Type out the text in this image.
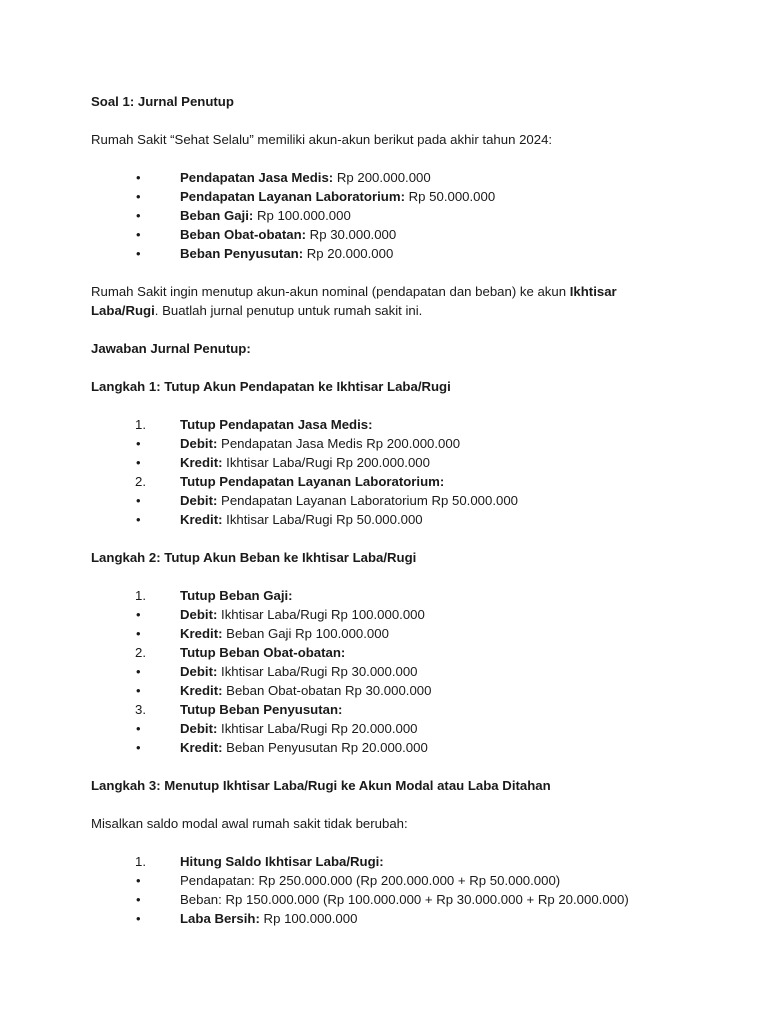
Soal 1: Jurnal Penutup
Rumah Sakit “Sehat Selalu” memiliki akun-akun berikut pada akhir tahun 2024:
•	Pendapatan Jasa Medis: Rp 200.000.000
•	Pendapatan Layanan Laboratorium: Rp 50.000.000
•	Beban Gaji: Rp 100.000.000
•	Beban Obat-obatan: Rp 30.000.000
•	Beban Penyusutan: Rp 20.000.000
Rumah Sakit ingin menutup akun-akun nominal (pendapatan dan beban) ke akun Ikhtisar
Laba/Rugi. Buatlah jurnal penutup untuk rumah sakit ini.
Jawaban Jurnal Penutup:
Langkah 1: Tutup Akun Pendapatan ke Ikhtisar Laba/Rugi
1.	Tutup Pendapatan Jasa Medis:
•	Debit: Pendapatan Jasa Medis Rp 200.000.000
•	Kredit: Ikhtisar Laba/Rugi Rp 200.000.000
2.	Tutup Pendapatan Layanan Laboratorium:
•	Debit: Pendapatan Layanan Laboratorium Rp 50.000.000
•	Kredit: Ikhtisar Laba/Rugi Rp 50.000.000
Langkah 2: Tutup Akun Beban ke Ikhtisar Laba/Rugi
1.	Tutup Beban Gaji:
•	Debit: Ikhtisar Laba/Rugi Rp 100.000.000
•	Kredit: Beban Gaji Rp 100.000.000
2.	Tutup Beban Obat-obatan:
•	Debit: Ikhtisar Laba/Rugi Rp 30.000.000
•	Kredit: Beban Obat-obatan Rp 30.000.000
3.	Tutup Beban Penyusutan:
•	Debit: Ikhtisar Laba/Rugi Rp 20.000.000
•	Kredit: Beban Penyusutan Rp 20.000.000
Langkah 3: Menutup Ikhtisar Laba/Rugi ke Akun Modal atau Laba Ditahan
Misalkan saldo modal awal rumah sakit tidak berubah:
1.	Hitung Saldo Ikhtisar Laba/Rugi:
•	Pendapatan: Rp 250.000.000 (Rp 200.000.000 + Rp 50.000.000)
•	Beban: Rp 150.000.000 (Rp 100.000.000 + Rp 30.000.000 + Rp 20.000.000)
•	Laba Bersih: Rp 100.000.000
